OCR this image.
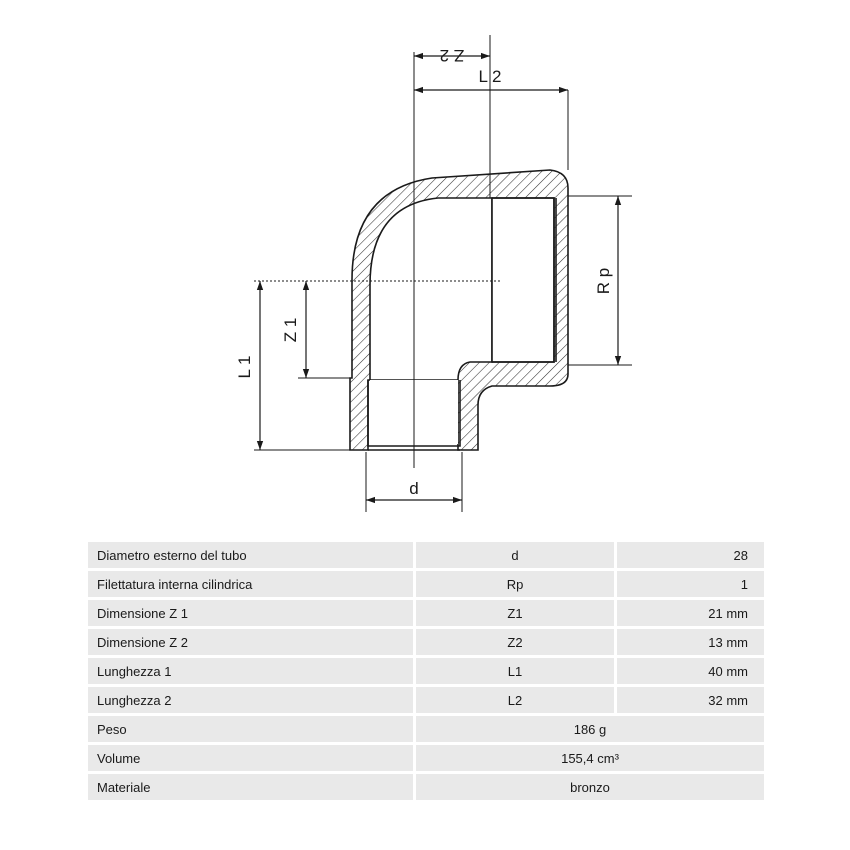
Z 2
L 2
R p
Z 1
L 1
d
Diametro esterno del tubo	d	28
Filettatura interna cilindrica	Rp	1
Dimensione Z 1	Z1	21 mm
Dimensione Z 2	Z2	13 mm
Lunghezza 1	L1	40 mm
Lunghezza 2	L2	32 mm
Peso	186 g	
Volume	155,4 cm³	
Materiale	bronzo	
